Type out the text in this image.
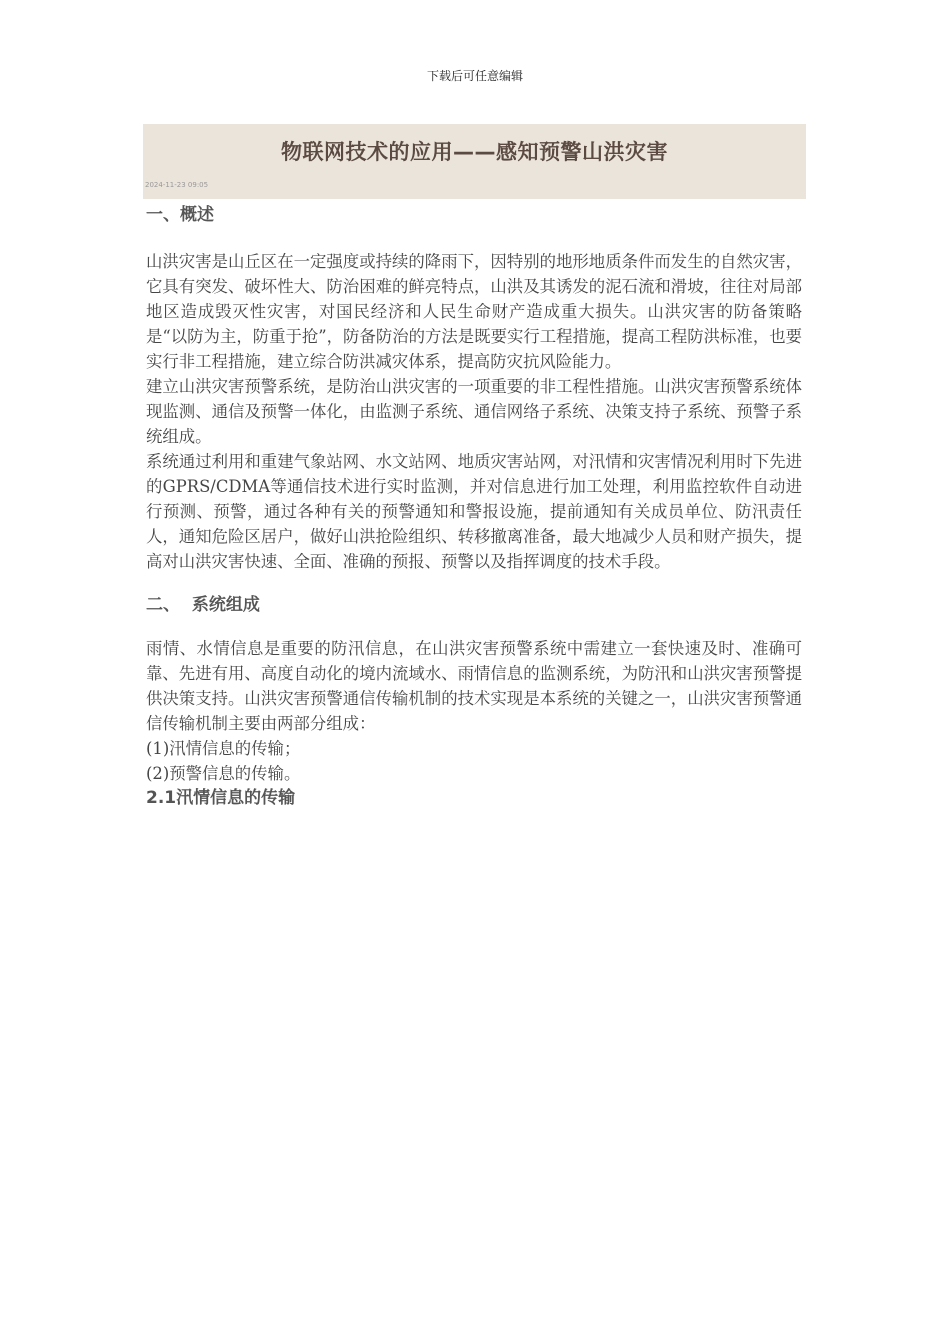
下载后可任意编辑
物联网技术的应用——感知预警山洪灾害
2024-11-23 09:05

一、概述

山洪灾害是山丘区在一定强度或持续的降雨下，因特别的地形地质条件而发生的自然灾害，它具有突发、破坏性大、防治困难的鲜亮特点，山洪及其诱发的泥石流和滑坡，往往对局部地区造成毁灭性灾害，对国民经济和人民生命财产造成重大损失。山洪灾害的防备策略是“以防为主，防重于抢”，防备防治的方法是既要实行工程措施，提高工程防洪标准，也要实行非工程措施，建立综合防洪减灾体系，提高防灾抗风险能力。

建立山洪灾害预警系统，是防治山洪灾害的一项重要的非工程性措施。山洪灾害预警系统体现监测、通信及预警一体化，由监测子系统、通信网络子系统、决策支持子系统、预警子系统组成。

系统通过利用和重建气象站网、水文站网、地质灾害站网，对汛情和灾害情况利用时下先进的GPRS/CDMA等通信技术进行实时监测，并对信息进行加工处理，利用监控软件自动进行预测、预警，通过各种有关的预警通知和警报设施，提前通知有关成员单位、防汛责任人，通知危险区居户，做好山洪抢险组织、转移撤离准备，最大地减少人员和财产损失，提高对山洪灾害快速、全面、准确的预报、预警以及指挥调度的技术手段。

二、  系统组成

雨情、水情信息是重要的防汛信息，在山洪灾害预警系统中需建立一套快速及时、准确可靠、先进有用、高度自动化的境内流域水、雨情信息的监测系统，为防汛和山洪灾害预警提供决策支持。山洪灾害预警通信传输机制的技术实现是本系统的关键之一，山洪灾害预警通信传输机制主要由两部分组成：

(1)汛情信息的传输；

(2)预警信息的传输。

2.1汛情信息的传输
